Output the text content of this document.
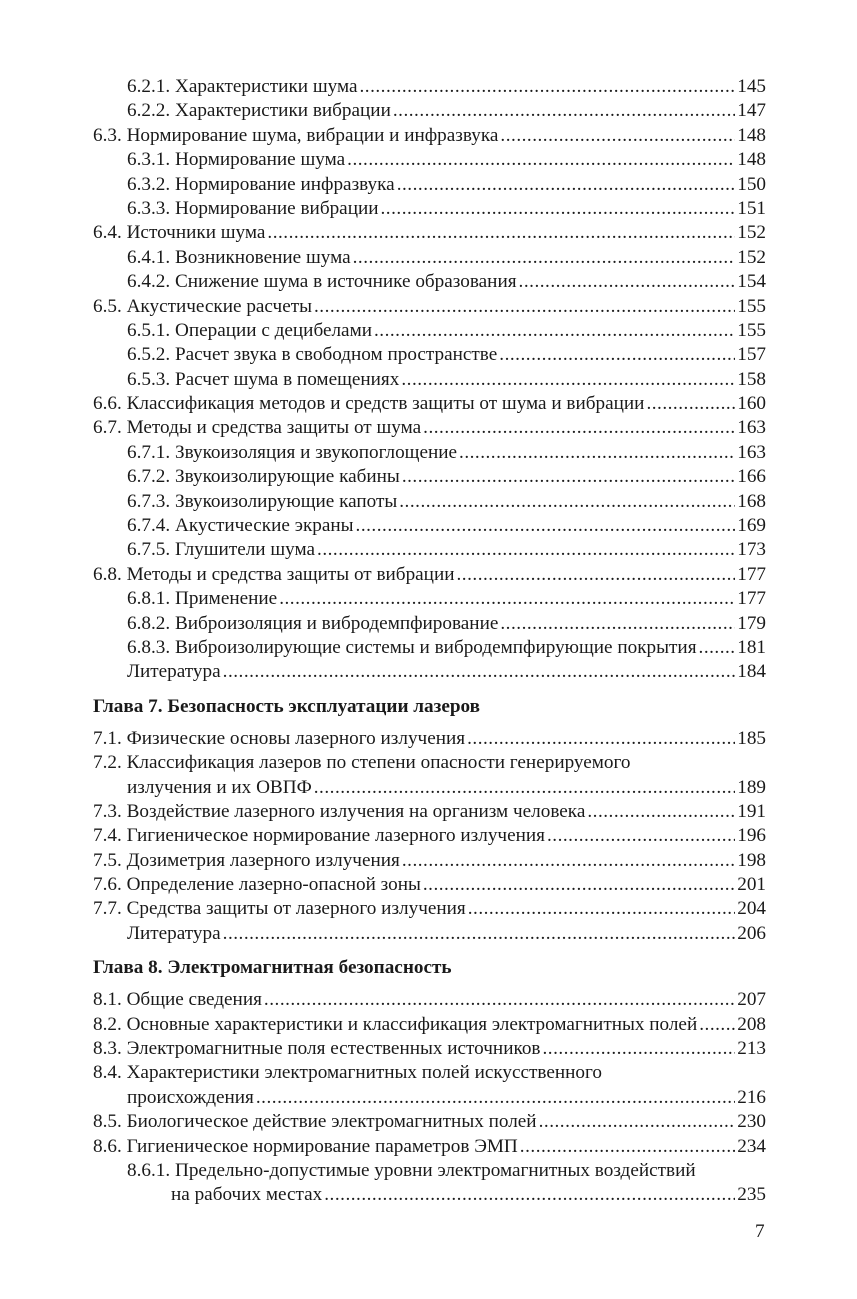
6.2.1. Характеристики шума .....	145
6.2.2. Характеристики вибрации .....	147
6.3. Нормирование шума, вибрации и инфразвука .....	148
6.3.1. Нормирование шума .....	148
6.3.2. Нормирование инфразвука .....	150
6.3.3. Нормирование вибрации .....	151
6.4. Источники шума .....	152
6.4.1. Возникновение шума .....	152
6.4.2. Снижение шума в источнике образования .....	154
6.5. Акустические расчеты .....	155
6.5.1. Операции с децибелами .....	155
6.5.2. Расчет звука в свободном пространстве .....	157
6.5.3. Расчет шума в помещениях .....	158
6.6. Классификация методов и средств защиты от шума и вибрации .....	160
6.7. Методы и средства защиты от шума .....	163
6.7.1. Звукоизоляция и звукопоглощение .....	163
6.7.2. Звукоизолирующие кабины .....	166
6.7.3. Звукоизолирующие капоты .....	168
6.7.4. Акустические экраны .....	169
6.7.5. Глушители шума .....	173
6.8. Методы и средства защиты от вибрации .....	177
6.8.1. Применение .....	177
6.8.2. Виброизоляция и вибродемпфирование .....	179
6.8.3. Виброизолирующие системы и вибродемпфирующие покрытия ..... 181
Литература .....	184
Глава 7. Безопасность эксплуатации лазеров
7.1. Физические основы лазерного излучения .....	185
7.2. Классификация лазеров по степени опасности генерируемого
излучения и их ОВПФ .....	189
7.3. Воздействие лазерного излучения на организм человека .....	191
7.4. Гигиеническое нормирование лазерного излучения .....	196
7.5. Дозиметрия лазерного излучения .....	198
7.6. Определение лазерно-опасной зоны .....	201
7.7. Средства защиты от лазерного излучения .....	204
Литература .....	206
Глава 8. Электромагнитная безопасность
8.1. Общие сведения .....	207
8.2. Основные характеристики и классификация электромагнитных полей ..... 208
8.3. Электромагнитные поля естественных источников .....	213
8.4. Характеристики электромагнитных полей искусственного
происхождения .....	216
8.5. Биологическое действие электромагнитных полей .....	230
8.6. Гигиеническое нормирование параметров ЭМП .....	234
8.6.1. Предельно-допустимые уровни электромагнитных воздействий
на рабочих местах .....	235
7
